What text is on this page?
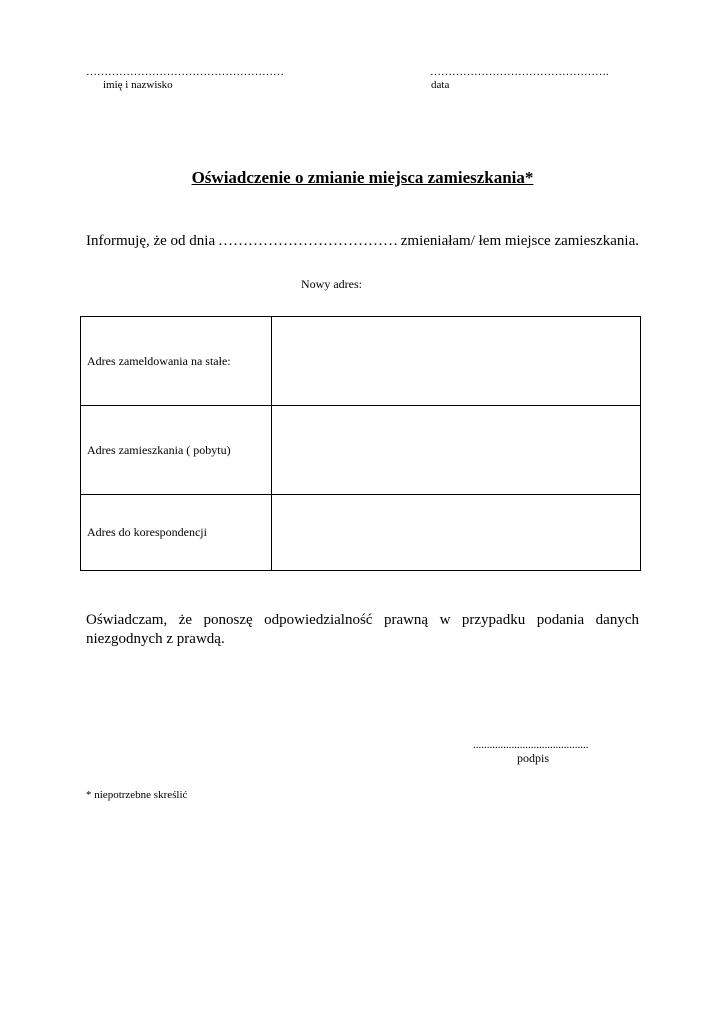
………………………………………………
imię i nazwisko
………………………………………….
data
Oświadczenie o zmianie miejsca zamieszkania*
Informuję, że od dnia ……………………………… zmieniałam/ łem miejsce zamieszkania.
Nowy adres:
Adres zameldowania na stałe:	
Adres zamieszkania ( pobytu)	
Adres do korespondencji	
Oświadczam, że ponoszę odpowiedzialność prawną w przypadku podania danych
niezgodnych z prawdą.
..........................................
podpis
* niepotrzebne skreślić
